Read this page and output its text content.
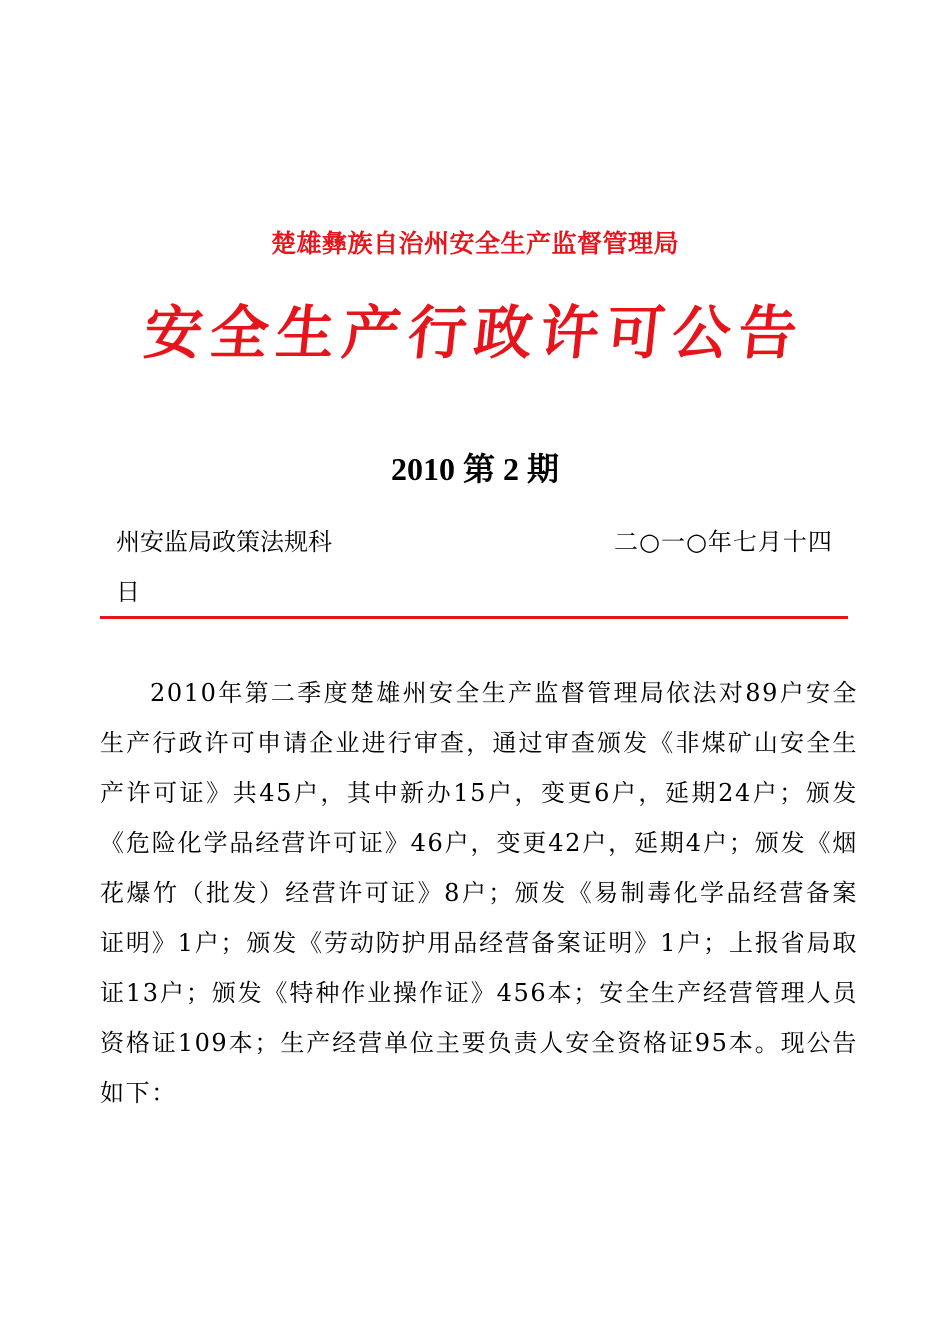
楚雄彝族自治州安全生产监督管理局
安全生产行政许可公告
2010 第 2 期
州安监局政策法规科	二○一○年七月十四
日

2010年第二季度楚雄州安全生产监督管理局依法对89户安全生产行政许可申请企业进行审查，通过审查颁发《非煤矿山安全生产许可证》共45户，其中新办15户，变更6户，延期24户；颁发《危险化学品经营许可证》46户，变更42户，延期4户；颁发《烟花爆竹（批发）经营许可证》8户；颁发《易制毒化学品经营备案证明》1户；颁发《劳动防护用品经营备案证明》1户；上报省局取证13户；颁发《特种作业操作证》456本；安全生产经营管理人员资格证109本；生产经营单位主要负责人安全资格证95本。现公告如下：
